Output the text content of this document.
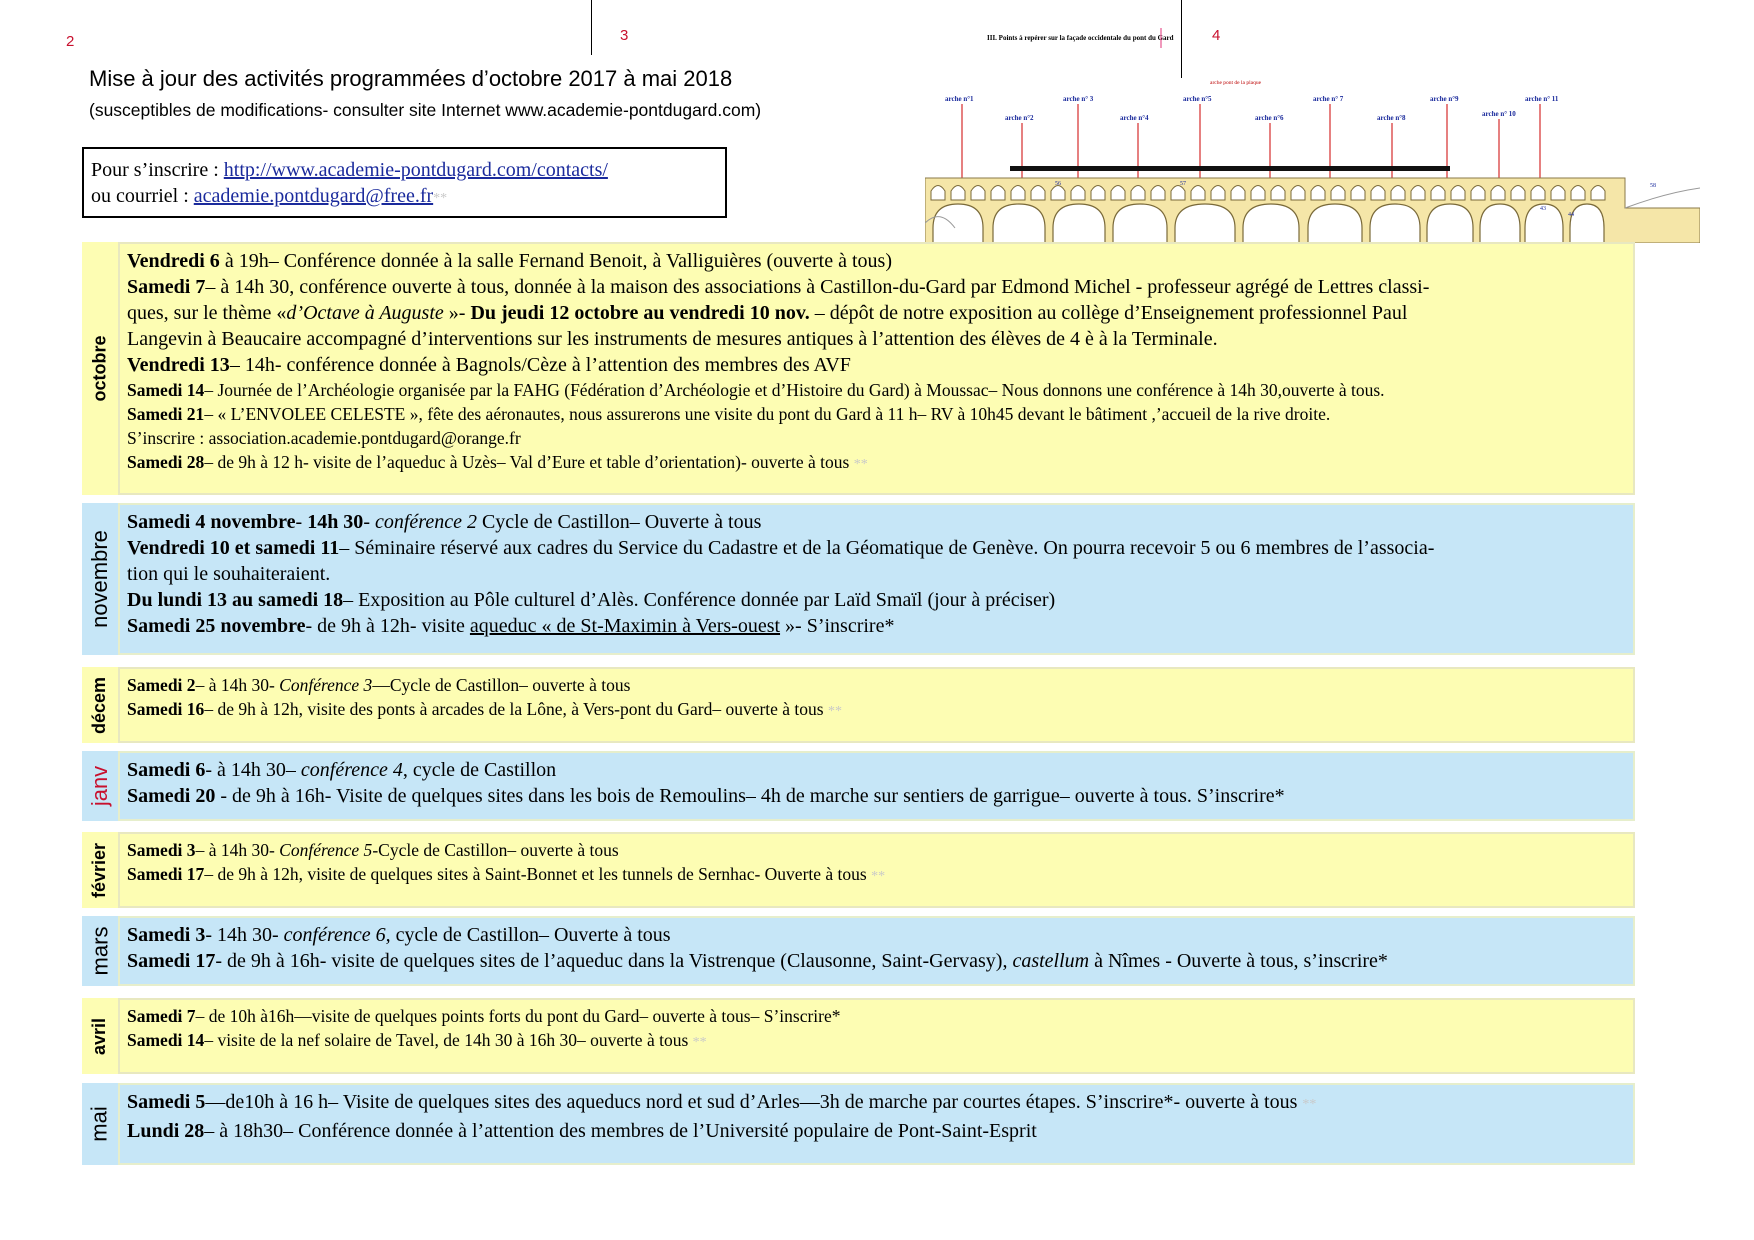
2	3	4
Mise à jour des activités programmées d’octobre 2017 à mai 2018
(susceptibles de modifications- consulter site Internet www.academie-pontdugard.com)
Pour s’inscrire : http://www.academie-pontdugard.com/contacts/
ou courriel : academie.pontdugard@free.fr**
III. Points à repérer sur la façade occidentale du pont du Gard
arche pont de la plaque
arche n°1
arche n°2
arche n° 3
arche n°4
arche n°5
arche n°6
arche n° 7
arche n°8
arche n°9
arche n° 10
arche n° 11
56	57	58
43
44
octobre
Vendredi 6 à 19h– Conférence donnée à la salle Fernand Benoit, à Valliguières (ouverte à tous)
Samedi 7– à 14h 30, conférence ouverte à tous, donnée à la maison des associations à Castillon-du-Gard par Edmond Michel - professeur agrégé de Lettres classi-
ques, sur le thème «d’Octave à Auguste »- Du jeudi 12 octobre au vendredi 10 nov. – dépôt de notre exposition au collège d’Enseignement professionnel Paul
Langevin à Beaucaire accompagné d’interventions sur les instruments de mesures antiques à l’attention des élèves de 4 è à la Terminale.
Vendredi 13– 14h- conférence donnée à Bagnols/Cèze à l’attention des membres des AVF
Samedi 14– Journée de l’Archéologie organisée par la FAHG (Fédération d’Archéologie et d’Histoire du Gard) à Moussac– Nous donnons une conférence à 14h 30,ouverte à tous.
Samedi 21– « L’ENVOLEE CELESTE », fête des aéronautes, nous assurerons une visite du pont du Gard à 11 h– RV à 10h45 devant le bâtiment ,’accueil de la rive droite.
S’inscrire : association.academie.pontdugard@orange.fr
Samedi 28– de 9h à 12 h- visite de l’aqueduc à Uzès– Val d’Eure et table d’orientation)- ouverte à tous **
novembre
Samedi 4 novembre- 14h 30- conférence 2 Cycle de Castillon– Ouverte à tous
Vendredi 10 et samedi 11– Séminaire réservé aux cadres du Service du Cadastre et de la Géomatique de Genève. On pourra recevoir 5 ou 6 membres de l’associa-
tion qui le souhaiteraient.
Du lundi 13 au samedi 18– Exposition au Pôle culturel d’Alès. Conférence donnée par Laïd Smaïl (jour à préciser)
Samedi 25 novembre- de 9h à 12h- visite aqueduc « de St-Maximin à Vers-ouest »- S’inscrire*
décem Samedi 2– à 14h 30- Conférence 3—Cycle de Castillon– ouverte à tous
Samedi 16– de 9h à 12h, visite des ponts à arcades de la Lône, à Vers-pont du Gard– ouverte à tous **
janv Samedi 6- à 14h 30– conférence 4, cycle de Castillon
Samedi 20 - de 9h à 16h- Visite de quelques sites dans les bois de Remoulins– 4h de marche sur sentiers de garrigue– ouverte à tous. S’inscrire*
février Samedi 3– à 14h 30- Conférence 5-Cycle de Castillon– ouverte à tous
Samedi 17– de 9h à 12h, visite de quelques sites à Saint-Bonnet et les tunnels de Sernhac- Ouverte à tous **
mars Samedi 3- 14h 30- conférence 6, cycle de Castillon– Ouverte à tous
Samedi 17- de 9h à 16h- visite de quelques sites de l’aqueduc dans la Vistrenque (Clausonne, Saint-Gervasy), castellum à Nîmes - Ouverte à tous, s’inscrire*
avril
Samedi 7– de 10h à16h—visite de quelques points forts du pont du Gard– ouverte à tous– S’inscrire*
Samedi 14– visite de la nef solaire de Tavel, de 14h 30 à 16h 30– ouverte à tous **
mai
Samedi 5—de10h à 16 h– Visite de quelques sites des aqueducs nord et sud d’Arles—3h de marche par courtes étapes. S’inscrire*- ouverte à tous **
Lundi 28– à 18h30– Conférence donnée à l’attention des membres de l’Université populaire de Pont-Saint-Esprit
